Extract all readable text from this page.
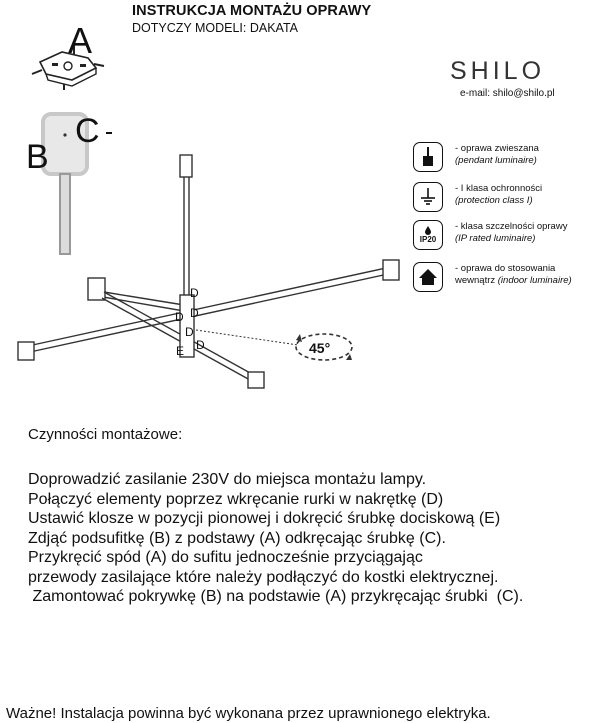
INSTRUKCJA MONTAŻU OPRAWY
DOTYCZY MODELI: DAKATA
SHILO
e-mail: shilo@shilo.pl
A
C
B
45°
D
D D
D
D
E
- oprawa zwieszana
(pendant luminaire)
- I klasa ochronności
(protection class I)
IP20
- klasa szczelności oprawy
(IP rated luminaire)
- oprawa do stosowania
wewnątrz (indoor luminaire)
Czynności montażowe:
Doprowadzić zasilanie 230V do miejsca montażu lampy.
Połączyć elementy poprzez wkręcanie rurki w nakrętkę (D)
Ustawić klosze w pozycji pionowej i dokręcić śrubkę dociskową (E)
Zdjąć podsufitkę (B) z podstawy (A) odkręcając śrubkę (C).
Przykręcić spód (A) do sufitu jednocześnie przyciągając
przewody zasilające które należy podłączyć do kostki elektrycznej.
Zamontować pokrywkę (B) na podstawie (A) przykręcając śrubki  (C).
Ważne! Instalacja powinna być wykonana przez uprawnionego elektryka.
